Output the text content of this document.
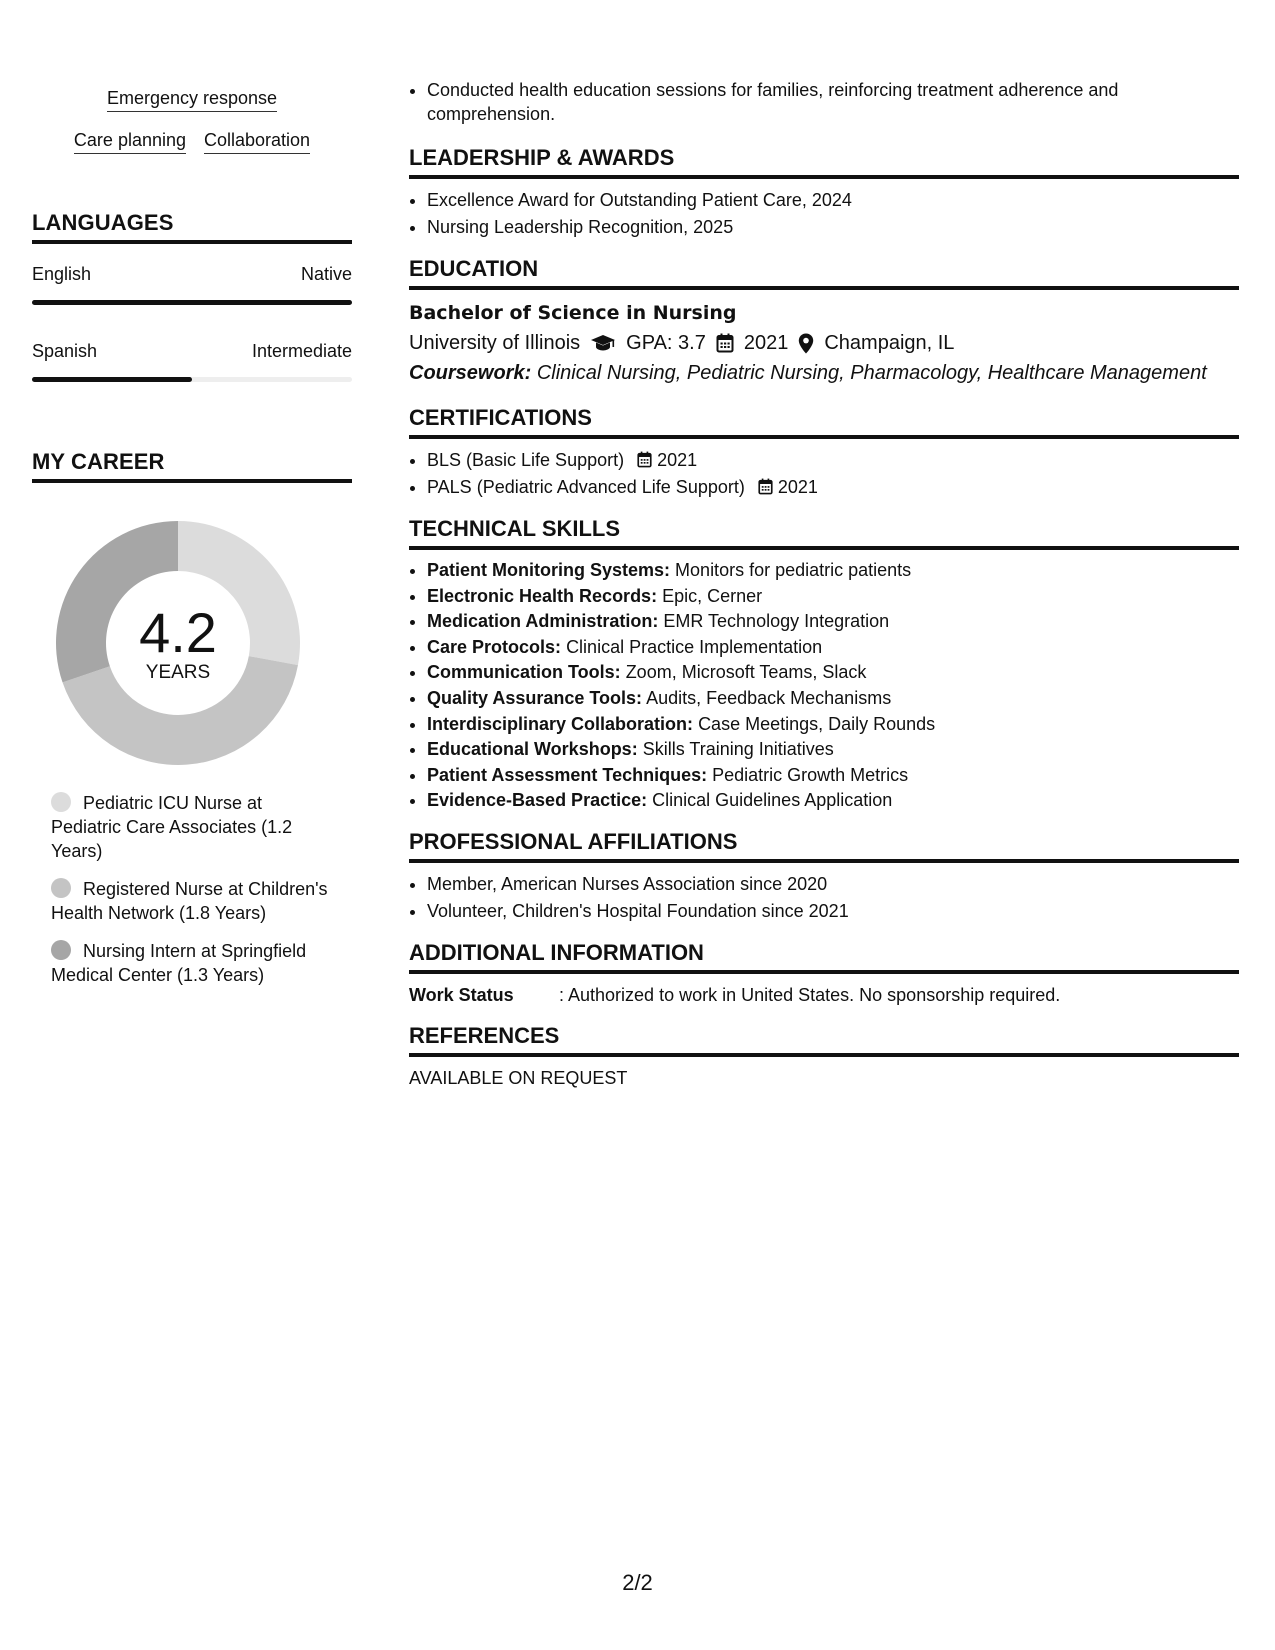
Emergency response
Care planning Collaboration
LANGUAGES
English	Native
Spanish	Intermediate
MY CAREER
4.2
YEARS
Pediatric ICU Nurse at Pediatric Care Associates (1.2 Years)
Registered Nurse at Children's Health Network (1.8 Years)
Nursing Intern at Springfield Medical Center (1.3 Years)
• Conducted health education sessions for families, reinforcing treatment adherence and comprehension.
LEADERSHIP & AWARDS
• Excellence Award for Outstanding Patient Care, 2024
• Nursing Leadership Recognition, 2025
EDUCATION
Bachelor of Science in Nursing
University of Illinois GPA: 3.7 2021 Champaign, IL
Coursework: Clinical Nursing, Pediatric Nursing, Pharmacology, Healthcare Management
CERTIFICATIONS
• BLS (Basic Life Support) 2021
• PALS (Pediatric Advanced Life Support) 2021
TECHNICAL SKILLS
• Patient Monitoring Systems: Monitors for pediatric patients
• Electronic Health Records: Epic, Cerner
• Medication Administration: EMR Technology Integration
• Care Protocols: Clinical Practice Implementation
• Communication Tools: Zoom, Microsoft Teams, Slack
• Quality Assurance Tools: Audits, Feedback Mechanisms
• Interdisciplinary Collaboration: Case Meetings, Daily Rounds
• Educational Workshops: Skills Training Initiatives
• Patient Assessment Techniques: Pediatric Growth Metrics
• Evidence-Based Practice: Clinical Guidelines Application
PROFESSIONAL AFFILIATIONS
• Member, American Nurses Association since 2020
• Volunteer, Children's Hospital Foundation since 2021
ADDITIONAL INFORMATION
Work Status	: Authorized to work in United States. No sponsorship required.
REFERENCES
AVAILABLE ON REQUEST
2/2
